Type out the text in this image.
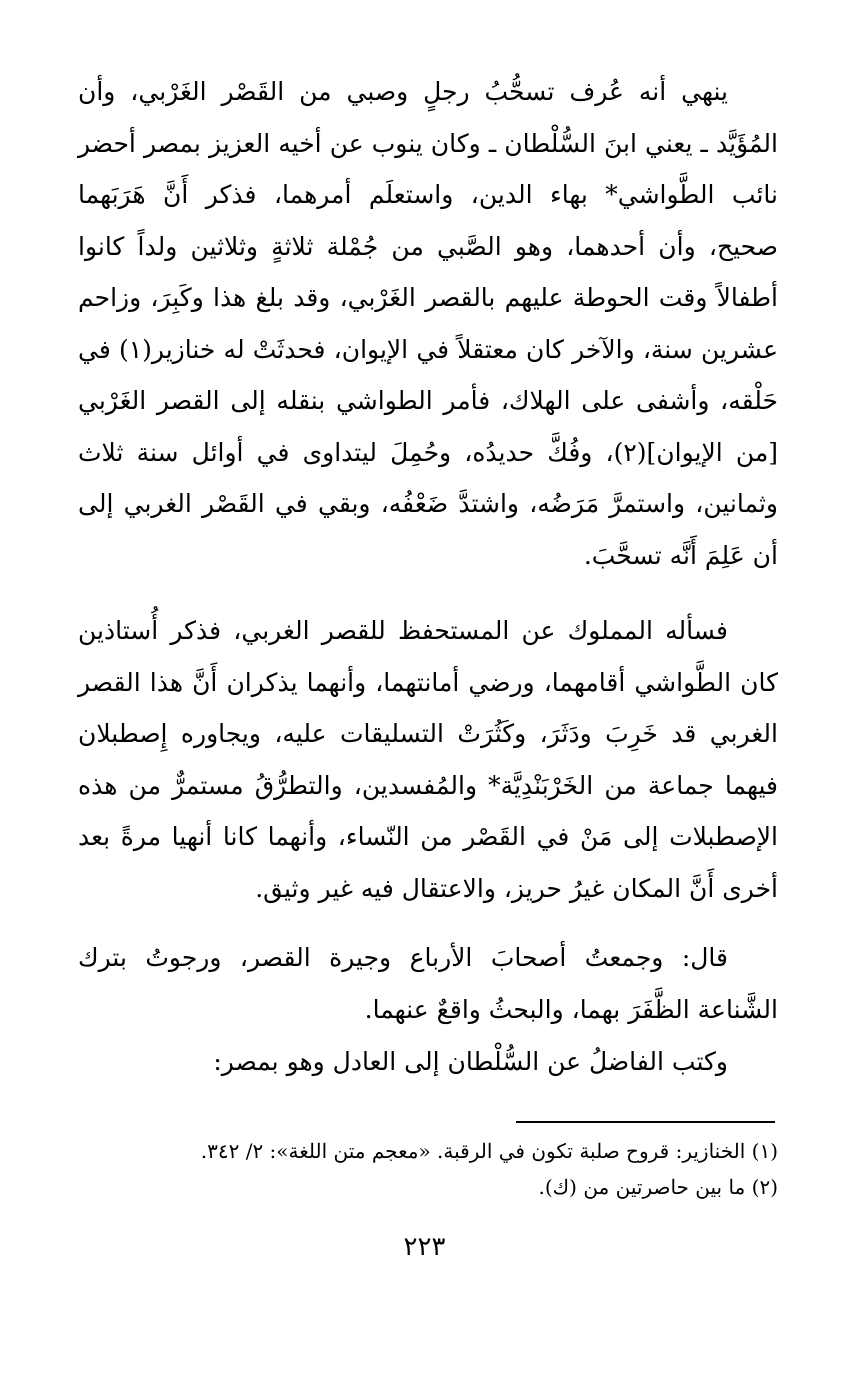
ينهي أنه عُرف تسحُّبُ رجلٍ وصبي من القَصْر الغَرْبي، وأن المُؤَيَّد ـ يعني ابنَ السُّلْطان ـ وكان ينوب عن أخيه العزيز بمصر أحضر نائب الطَّواشي* بهاء الدين، واستعلَم أمرهما، فذكر أَنَّ هَرَبَهما صحيح، وأن أحدهما، وهو الصَّبي من جُمْلة ثلاثةٍ وثلاثين ولداً كانوا أطفالاً وقت الحوطة عليهم بالقصر الغَرْبي، وقد بلغ هذا وكَبِرَ، وزاحم عشرين سنة، والآخر كان معتقلاً في الإيوان، فحدثَتْ له خنازير(١) في حَلْقه، وأشفى على الهلاك، فأمر الطواشي بنقله إلى القصر الغَرْبي [من الإيوان](٢)، وفُكَّ حديدُه، وحُمِلَ ليتداوى في أوائل سنة ثلاث وثمانين، واستمرَّ مَرَضُه، واشتدَّ ضَعْفُه، وبقي في القَصْر الغربي إلى أن عَلِمَ أَنَّه تسحَّبَ.

فسأله المملوك عن المستحفظ للقصر الغربي، فذكر أُستاذين كان الطَّواشي أقامهما، ورضي أمانتهما، وأنهما يذكران أَنَّ هذا القصر الغربي قد خَرِبَ ودَثَرَ، وكَثُرَتْ التسليقات عليه، ويجاوره إِصطبلان فيهما جماعة من الخَرْبَنْدِيَّة* والمُفسدين، والتطرُّقُ مستمرٌّ من هذه الإصطبلات إلى مَنْ في القَصْر من النّساء، وأنهما كانا أنهيا مرةً بعد أخرى أَنَّ المكان غيرُ حريز، والاعتقال فيه غير وثيق.

قال: وجمعتُ أصحابَ الأرباع وجيرة القصر، ورجوتُ بترك الشَّناعة الظَّفَرَ بهما، والبحثُ واقعٌ عنهما.

وكتب الفاضلُ عن السُّلْطان إلى العادل وهو بمصر:

(١) الخنازير: قروح صلبة تكون في الرقبة. «معجم متن اللغة»: ٢/ ٣٤٢.

(٢) ما بين حاصرتين من (ك).

٢٢٣
